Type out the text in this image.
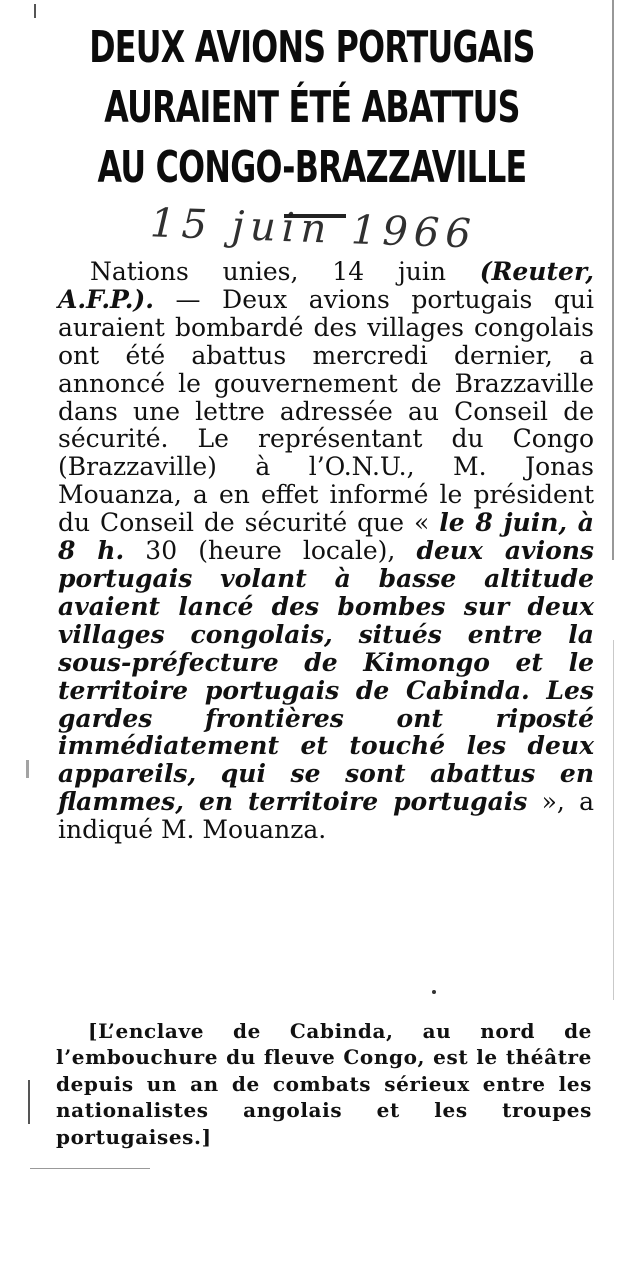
DEUX AVIONS PORTUGAIS
AURAIENT ÉTÉ ABATTUS
AU CONGO-BRAZZAVILLE
15 juin 1966

Nations unies, 14 juin (Reuter, A.F.P.). — Deux avions portugais qui auraient bombardé des villages congolais ont été abattus mercredi dernier, a annoncé le gouvernement de Brazzaville dans une lettre adressée au Conseil de sécurité. Le représentant du Congo (Brazzaville) à l’O.N.U., M. Jonas Mouanza, a en effet informé le président du Conseil de sécurité que « le 8 juin, à 8 h. 30 (heure locale), deux avions portugais volant à basse altitude avaient lancé des bombes sur deux villages congolais, situés entre la sous-préfecture de Kimongo et le territoire portugais de Cabinda. Les gardes frontières ont riposté immédiatement et touché les deux appareils, qui se sont abattus en flammes, en territoire portugais », a indiqué M. Mouanza.

[L’enclave de Cabinda, au nord de l’embouchure du fleuve Congo, est le théâtre depuis un an de combats sérieux entre les nationalistes angolais et les troupes portugaises.]
